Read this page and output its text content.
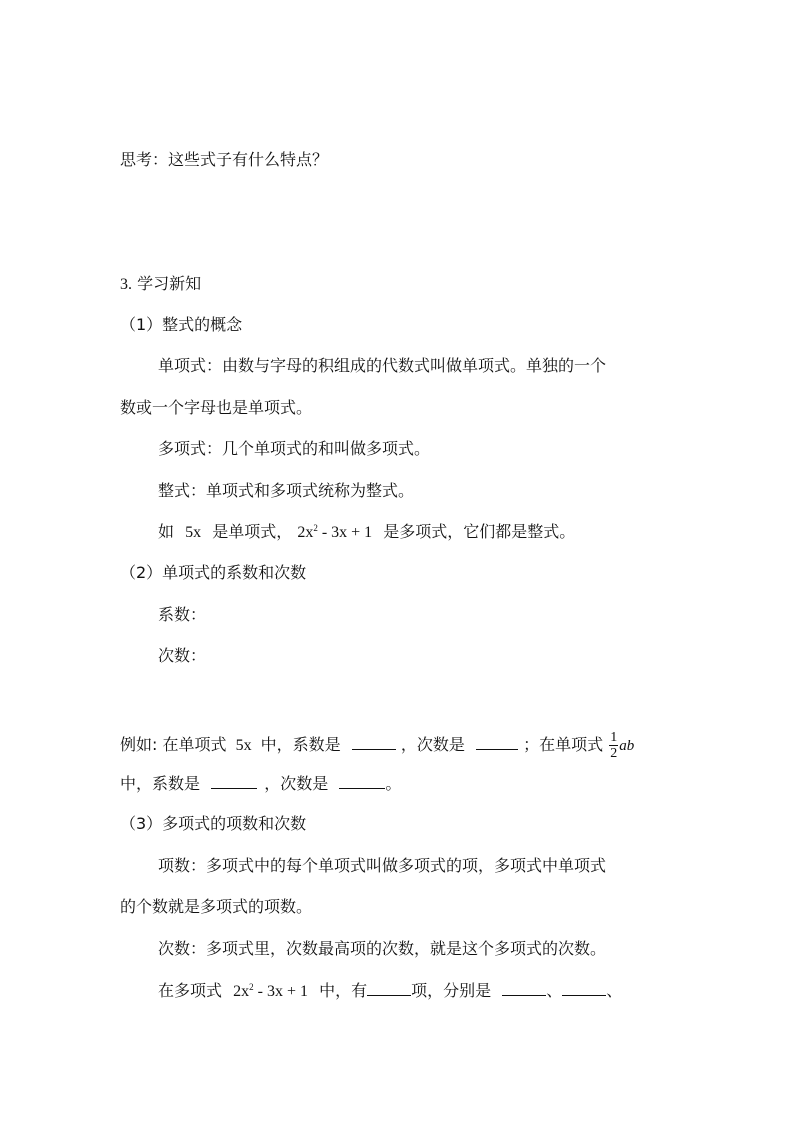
思考：这些式子有什么特点？
3. 学习新知
（1）整式的概念
单项式：由数与字母的积组成的代数式叫做单项式。单独的一个
数或一个字母也是单项式。
多项式：几个单项式的和叫做多项式。
整式：单项式和多项式统称为整式。
如 5x 是单项式， $2x^2 - 3x + 1$ 是多项式，它们都是整式。
（2）单项式的系数和次数
系数：
次数：
例如: 在单项式 5x 中，系数是	，次数是	；在单项式 $\frac{1}{2}$ ab
中，系数是	，次数是	。
（3）多项式的项数和次数
项数：多项式中的每个单项式叫做多项式的项，多项式中单项式
的个数就是多项式的项数。
次数：多项式里，次数最高项的次数，就是这个多项式的次数。
在多项式 $2x^2 - 3x + 1$ 中，有	项，分别是	、	、
